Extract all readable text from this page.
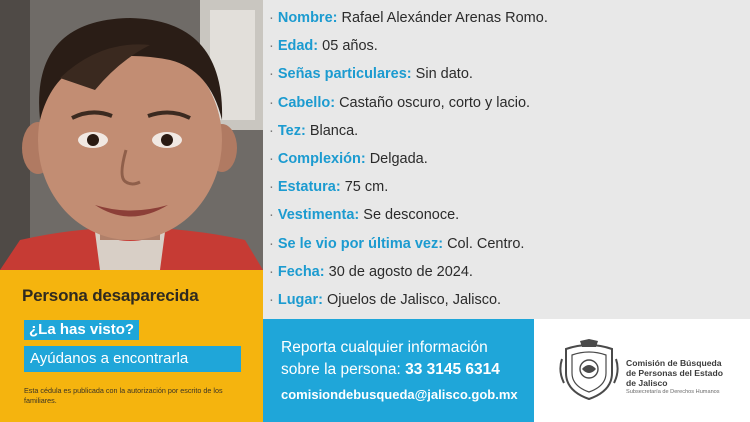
Persona desaparecida
¿La has visto?
Ayúdanos a encontrarla
Esta cédula es publicada con la autorización por escrito de los familiares.
· Nombre: Rafael Alexánder Arenas Romo.
· Edad: 05 años.
· Señas particulares: Sin dato.
· Cabello: Castaño oscuro, corto y lacio.
· Tez: Blanca.
· Complexión: Delgada.
· Estatura: 75 cm.
· Vestimenta: Se desconoce.
· Se le vio por última vez: Col. Centro.
· Fecha: 30 de agosto de 2024.
· Lugar: Ojuelos de Jalisco, Jalisco.
Reporta cualquier información
sobre la persona: 33 3145 6314
comisiondebusqueda@jalisco.gob.mx
Comisión de Búsqueda
de Personas del Estado
de Jalisco
Subsecretaría de Derechos Humanos
